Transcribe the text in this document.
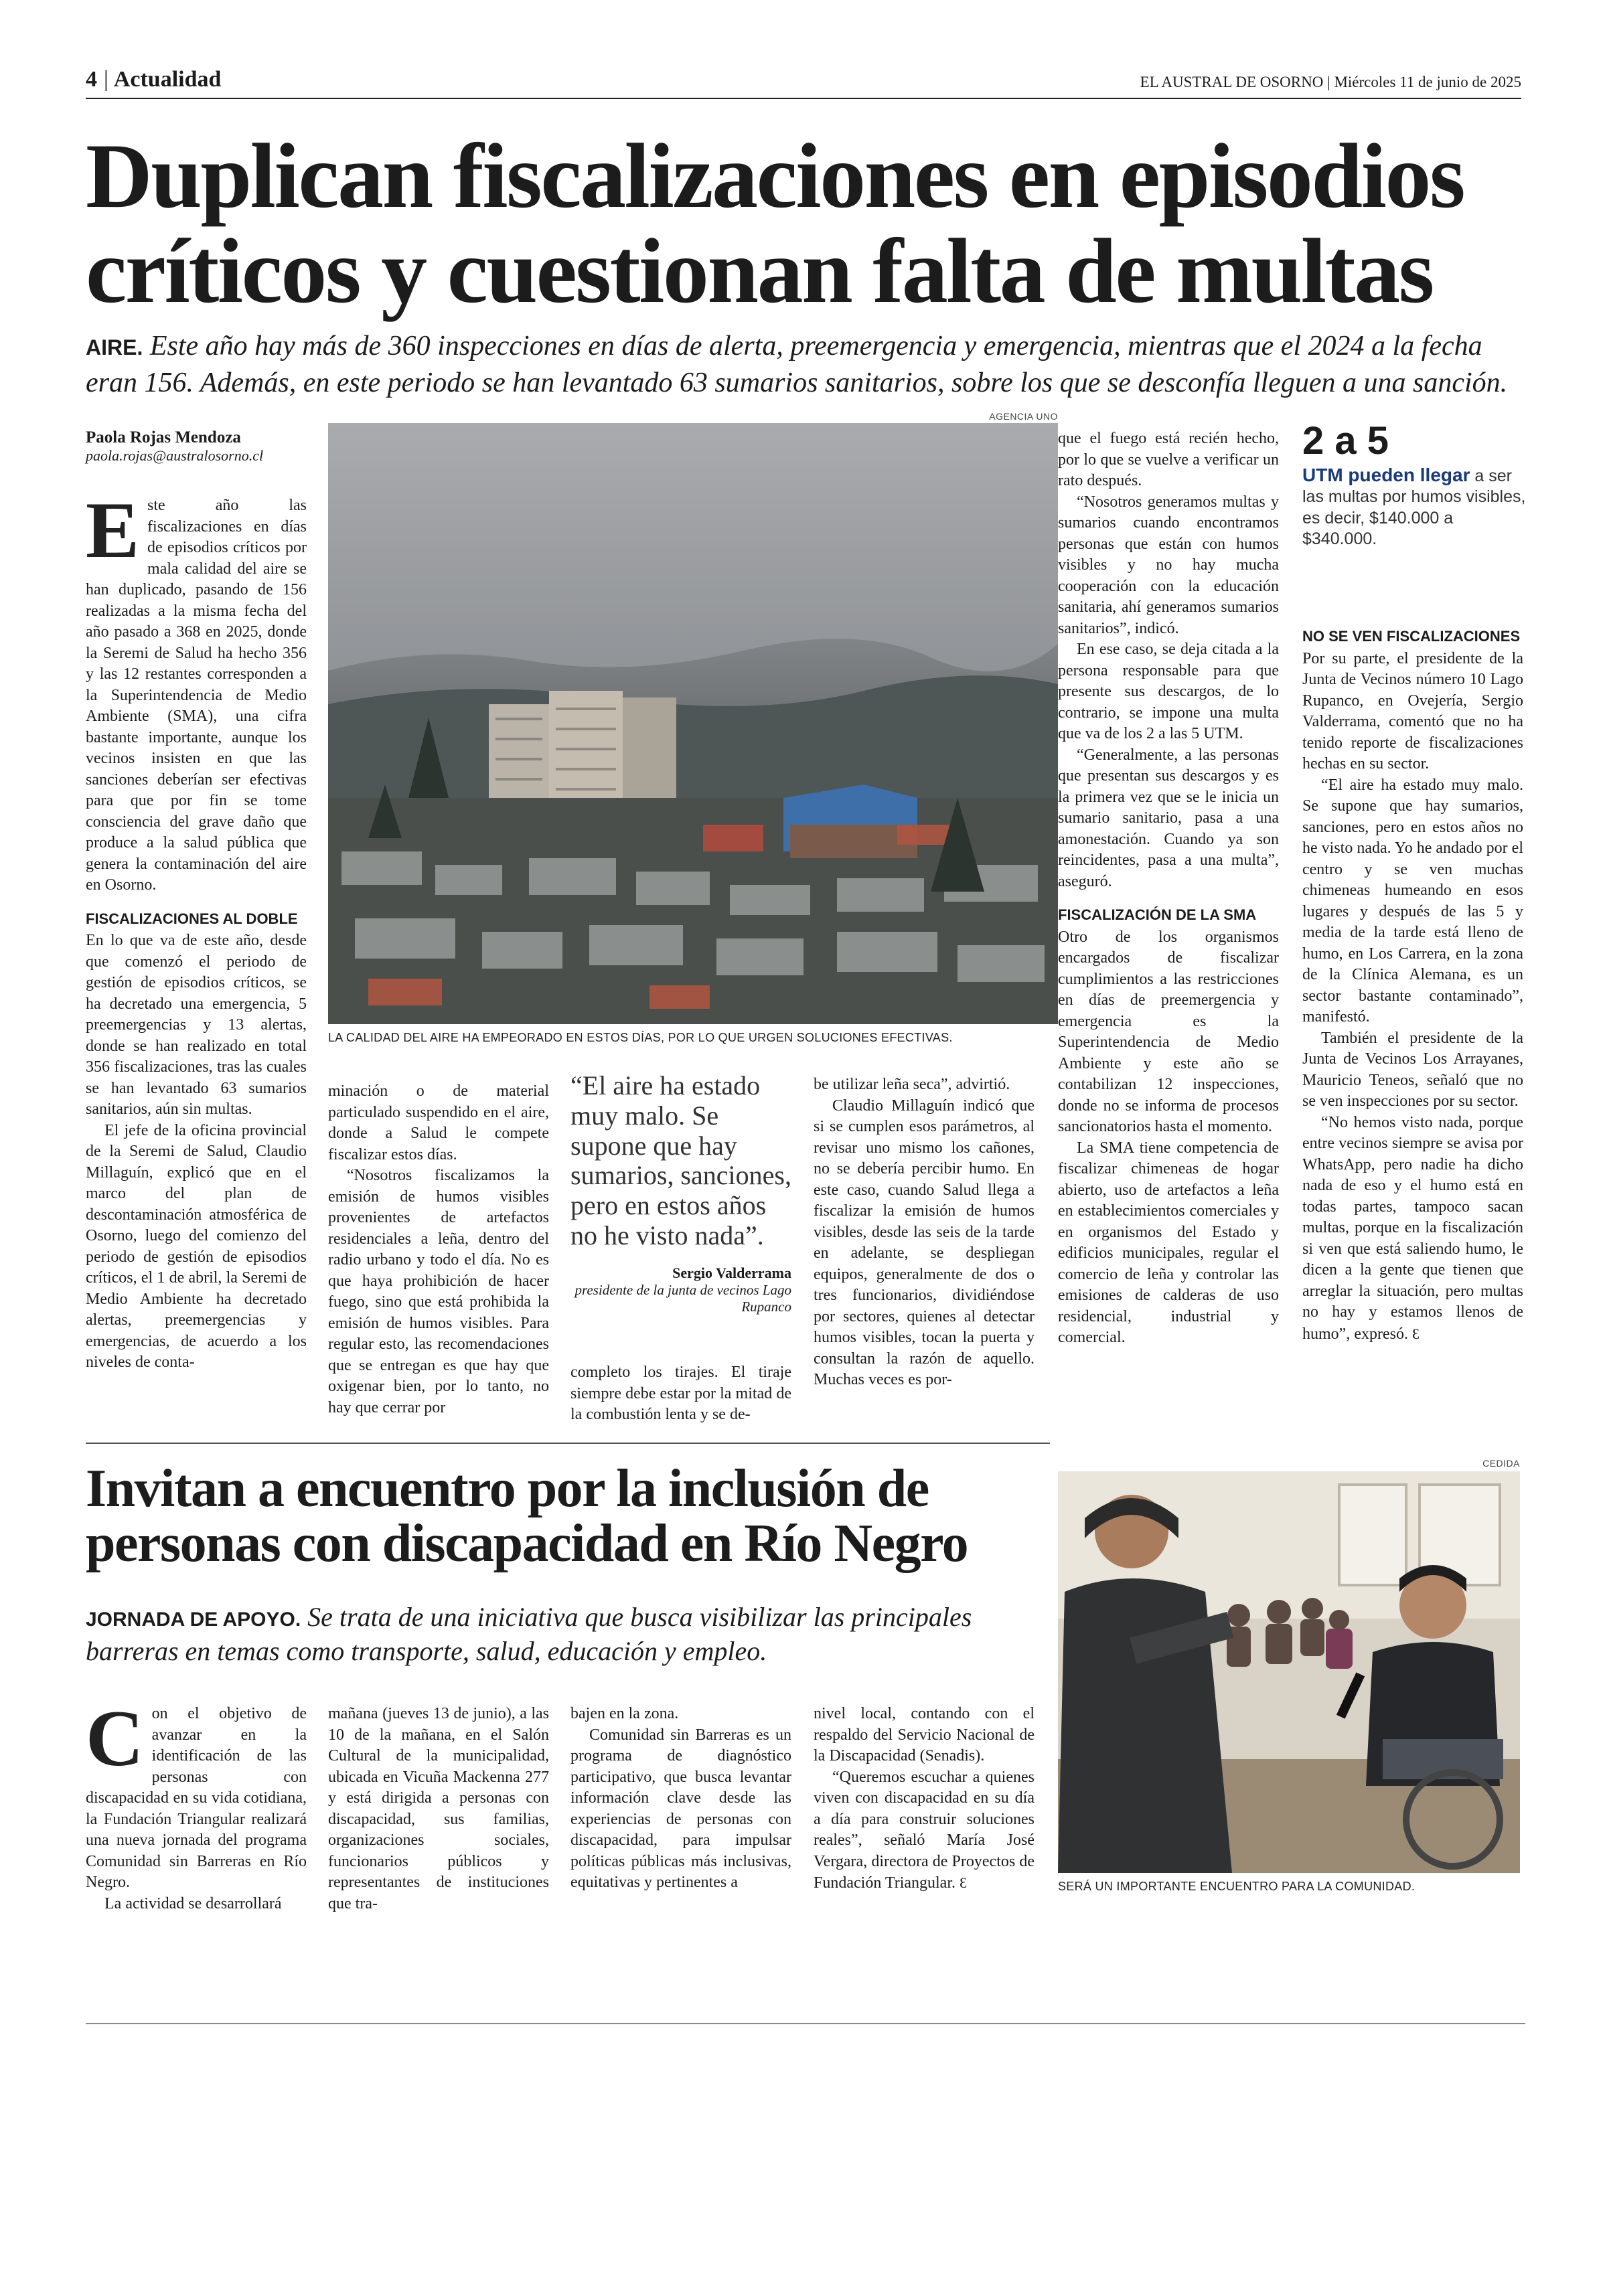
4 | Actualidad	EL AUSTRAL DE OSORNO | Miércoles 11 de junio de 2025
Duplican fiscalizaciones en episodios críticos y cuestionan falta de multas
AIRE. Este año hay más de 360 inspecciones en días de alerta, preemergencia y emergencia, mientras que el 2024 a la fecha eran 156. Además, en este periodo se han levantado 63 sumarios sanitarios, sobre los que se desconfía lleguen a una sanción.
Paola Rojas Mendoza
paola.rojas@australosorno.cl

Este año las fiscalizaciones en días de episodios críticos por mala calidad del aire se han duplicado, pasando de 156 realizadas a la misma fecha del año pasado a 368 en 2025, donde la Seremi de Salud ha hecho 356 y las 12 restantes corresponden a la Superintendencia de Medio Ambiente (SMA), una cifra bastante importante, aunque los vecinos insisten en que las sanciones deberían ser efectivas para que por fin se tome consciencia del grave daño que produce a la salud pública que genera la contaminación del aire en Osorno.

FISCALIZACIONES AL DOBLE

En lo que va de este año, desde que comenzó el periodo de gestión de episodios críticos, se ha decretado una emergencia, 5 preemergencias y 13 alertas, donde se han realizado en total 356 fiscalizaciones, tras las cuales se han levantado 63 sumarios sanitarios, aún sin multas.

El jefe de la oficina provincial de la Seremi de Salud, Claudio Millaguín, explicó que en el marco del plan de descontaminación atmosférica de Osorno, luego del comienzo del periodo de gestión de episodios críticos, el 1 de abril, la Seremi de Medio Ambiente ha decretado alertas, preemergencias y emergencias, de acuerdo a los niveles de conta-

AGENCIA UNO
LA CALIDAD DEL AIRE HA EMPEORADO EN ESTOS DÍAS, POR LO QUE URGEN SOLUCIONES EFECTIVAS.

minación o de material particulado suspendido en el aire, donde a Salud le compete fiscalizar estos días.

“Nosotros fiscalizamos la emisión de humos visibles provenientes de artefactos residenciales a leña, dentro del radio urbano y todo el día. No es que haya prohibición de hacer fuego, sino que está prohibida la emisión de humos visibles. Para regular esto, las recomendaciones que se entregan es que hay que oxigenar bien, por lo tanto, no hay que cerrar por

“El aire ha estado muy malo. Se supone que hay sumarios, sanciones, pero en estos años no he visto nada”.
Sergio Valderrama
presidente de la junta de vecinos Lago Rupanco

completo los tirajes. El tiraje siempre debe estar por la mitad de la combustión lenta y se de-

be utilizar leña seca”, advirtió.

Claudio Millaguín indicó que si se cumplen esos parámetros, al revisar uno mismo los cañones, no se debería percibir humo. En este caso, cuando Salud llega a fiscalizar la emisión de humos visibles, desde las seis de la tarde en adelante, se despliegan equipos, generalmente de dos o tres funcionarios, dividiéndose por sectores, quienes al detectar humos visibles, tocan la puerta y consultan la razón de aquello. Muchas veces es por-

que el fuego está recién hecho, por lo que se vuelve a verificar un rato después.

“Nosotros generamos multas y sumarios cuando encontramos personas que están con humos visibles y no hay mucha cooperación con la educación sanitaria, ahí generamos sumarios sanitarios”, indicó.

En ese caso, se deja citada a la persona responsable para que presente sus descargos, de lo contrario, se impone una multa que va de los 2 a las 5 UTM.

“Generalmente, a las personas que presentan sus descargos y es la primera vez que se le inicia un sumario sanitario, pasa a una amonestación. Cuando ya son reincidentes, pasa a una multa”, aseguró.

FISCALIZACIÓN DE LA SMA

Otro de los organismos encargados de fiscalizar cumplimientos a las restricciones en días de preemergencia y emergencia es la Superintendencia de Medio Ambiente y este año se contabilizan 12 inspecciones, donde no se informa de procesos sancionatorios hasta el momento.

La SMA tiene competencia de fiscalizar chimeneas de hogar abierto, uso de artefactos a leña en establecimientos comerciales y en organismos del Estado y edificios municipales, regular el comercio de leña y controlar las emisiones de calderas de uso residencial, industrial y comercial.

2 a 5
UTM pueden llegar a ser las multas por humos visibles, es decir, $140.000 a $340.000.

NO SE VEN FISCALIZACIONES

Por su parte, el presidente de la Junta de Vecinos número 10 Lago Rupanco, en Ovejería, Sergio Valderrama, comentó que no ha tenido reporte de fiscalizaciones hechas en su sector.

“El aire ha estado muy malo. Se supone que hay sumarios, sanciones, pero en estos años no he visto nada. Yo he andado por el centro y se ven muchas chimeneas humeando en esos lugares y después de las 5 y media de la tarde está lleno de humo, en Los Carrera, en la zona de la Clínica Alemana, es un sector bastante contaminado”, manifestó.

También el presidente de la Junta de Vecinos Los Arrayanes, Mauricio Teneos, señaló que no se ven inspecciones por su sector.

“No hemos visto nada, porque entre vecinos siempre se avisa por WhatsApp, pero nadie ha dicho nada de eso y el humo está en todas partes, tampoco sacan multas, porque en la fiscalización si ven que está saliendo humo, le dicen a la gente que tienen que arreglar la situación, pero multas no hay y estamos llenos de humo”, expresó. Ɛ

Invitan a encuentro por la inclusión de personas con discapacidad en Río Negro
JORNADA DE APOYO. Se trata de una iniciativa que busca visibilizar las principales barreras en temas como transporte, salud, educación y empleo.

Con el objetivo de avanzar en la identificación de las personas con discapacidad en su vida cotidiana, la Fundación Triangular realizará una nueva jornada del programa Comunidad sin Barreras en Río Negro.

La actividad se desarrollará

mañana (jueves 13 de junio), a las 10 de la mañana, en el Salón Cultural de la municipalidad, ubicada en Vicuña Mackenna 277 y está dirigida a personas con discapacidad, sus familias, organizaciones sociales, funcionarios públicos y representantes de instituciones que tra-

bajen en la zona.

Comunidad sin Barreras es un programa de diagnóstico participativo, que busca levantar información clave desde las experiencias de personas con discapacidad, para impulsar políticas públicas más inclusivas, equitativas y pertinentes a

nivel local, contando con el respaldo del Servicio Nacional de la Discapacidad (Senadis).

“Queremos escuchar a quienes viven con discapacidad en su día a día para construir soluciones reales”, señaló María José Vergara, directora de Proyectos de Fundación Triangular. Ɛ

CEDIDA
SERÁ UN IMPORTANTE ENCUENTRO PARA LA COMUNIDAD.
